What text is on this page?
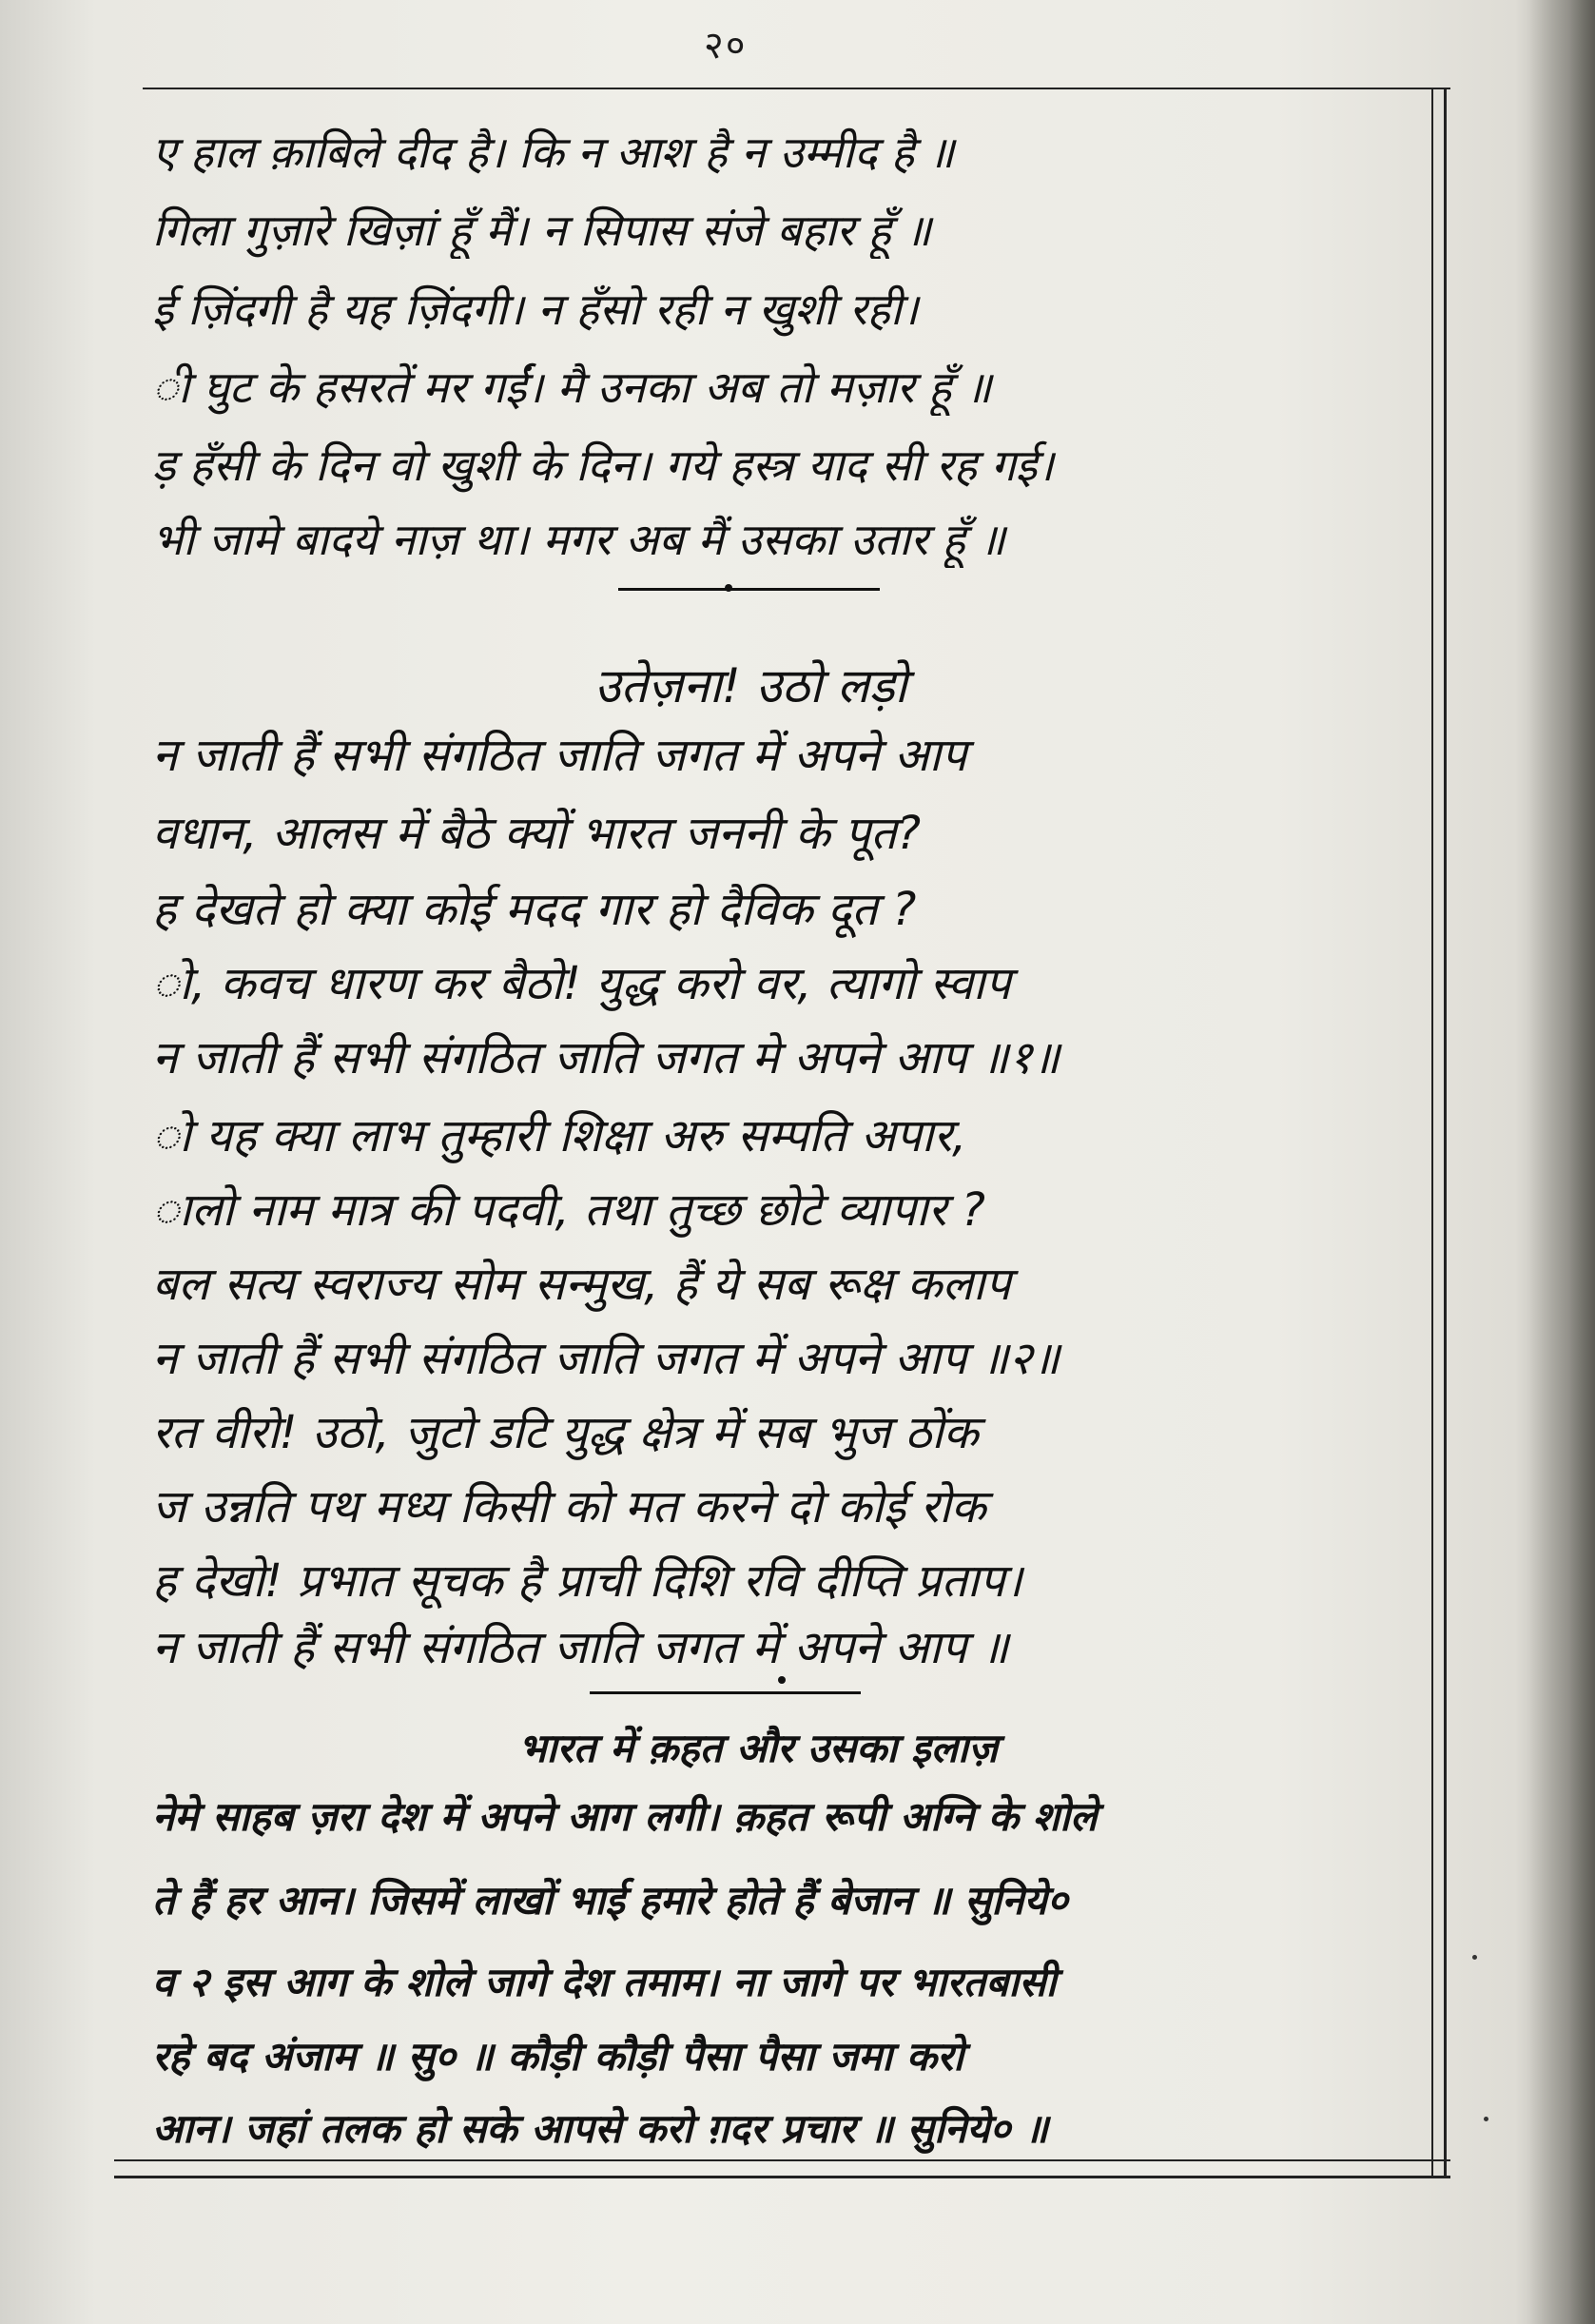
२०
ए हाल क़ाबिले दीद है। कि न आश है न उम्मीद है ॥
गिला गुज़ारे खिज़ां हूँ मैं। न सिपास संजे बहार हूँ ॥
ई ज़िंदगी है यह ज़िंदगी। न हँसो रही न खुशी रही।
ी घुट के हसरतें मर गईं। मै उनका अब तो मज़ार हूँ ॥
ड़ हँसी के दिन वो खुशी के दिन। गये हस्त्र याद सी रह गई।
भी जामे बादये नाज़ था। मगर अब मैं उसका उतार हूँ ॥
उतेज़ना! उठो लड़ो
न जाती हैं सभी संगठित जाति जगत में अपने आप
वधान, आलस में बैठे क्यों भारत जननी के पूत?
ह देखते हो क्या कोई मदद गार हो दैविक दूत ?
ो, कवच धारण कर बैठो! युद्ध करो वर, त्यागो स्वाप
न जाती हैं सभी संगठित जाति जगत मे अपने आप ॥१॥
ो यह क्या लाभ तुम्हारी शिक्षा अरु सम्पति अपार,
ालो नाम मात्र की पदवी, तथा तुच्छ छोटे व्यापार ?
बल सत्य स्वराज्य सोम सन्मुख, हैं ये सब रूक्ष कलाप
न जाती हैं सभी संगठित जाति जगत में अपने आप ॥२॥
रत वीरो! उठो, जुटो डटि युद्ध क्षेत्र में सब भुज ठोंक
ज उन्नति पथ मध्य किसी को मत करने दो कोई रोक
ह देखो! प्रभात सूचक है प्राची दिशि रवि दीप्ति प्रताप।
न जाती हैं सभी संगठित जाति जगत में अपने आप ॥
भारत में क़हत और उसका इलाज़
नेमे साहब ज़रा देश में अपने आग लगी। क़हत रूपी अग्नि के शोले
ते हैं हर आन। जिसमें लाखों भाई हमारे होते हैं बेजान ॥ सुनिये०
व २ इस आग के शोले जागे देश तमाम। ना जागे पर भारतबासी
रहे बद अंजाम ॥ सु० ॥ कौड़ी कौड़ी पैसा पैसा जमा करो
आन। जहां तलक हो सके आपसे करो ग़दर प्रचार ॥ सुनिये० ॥
